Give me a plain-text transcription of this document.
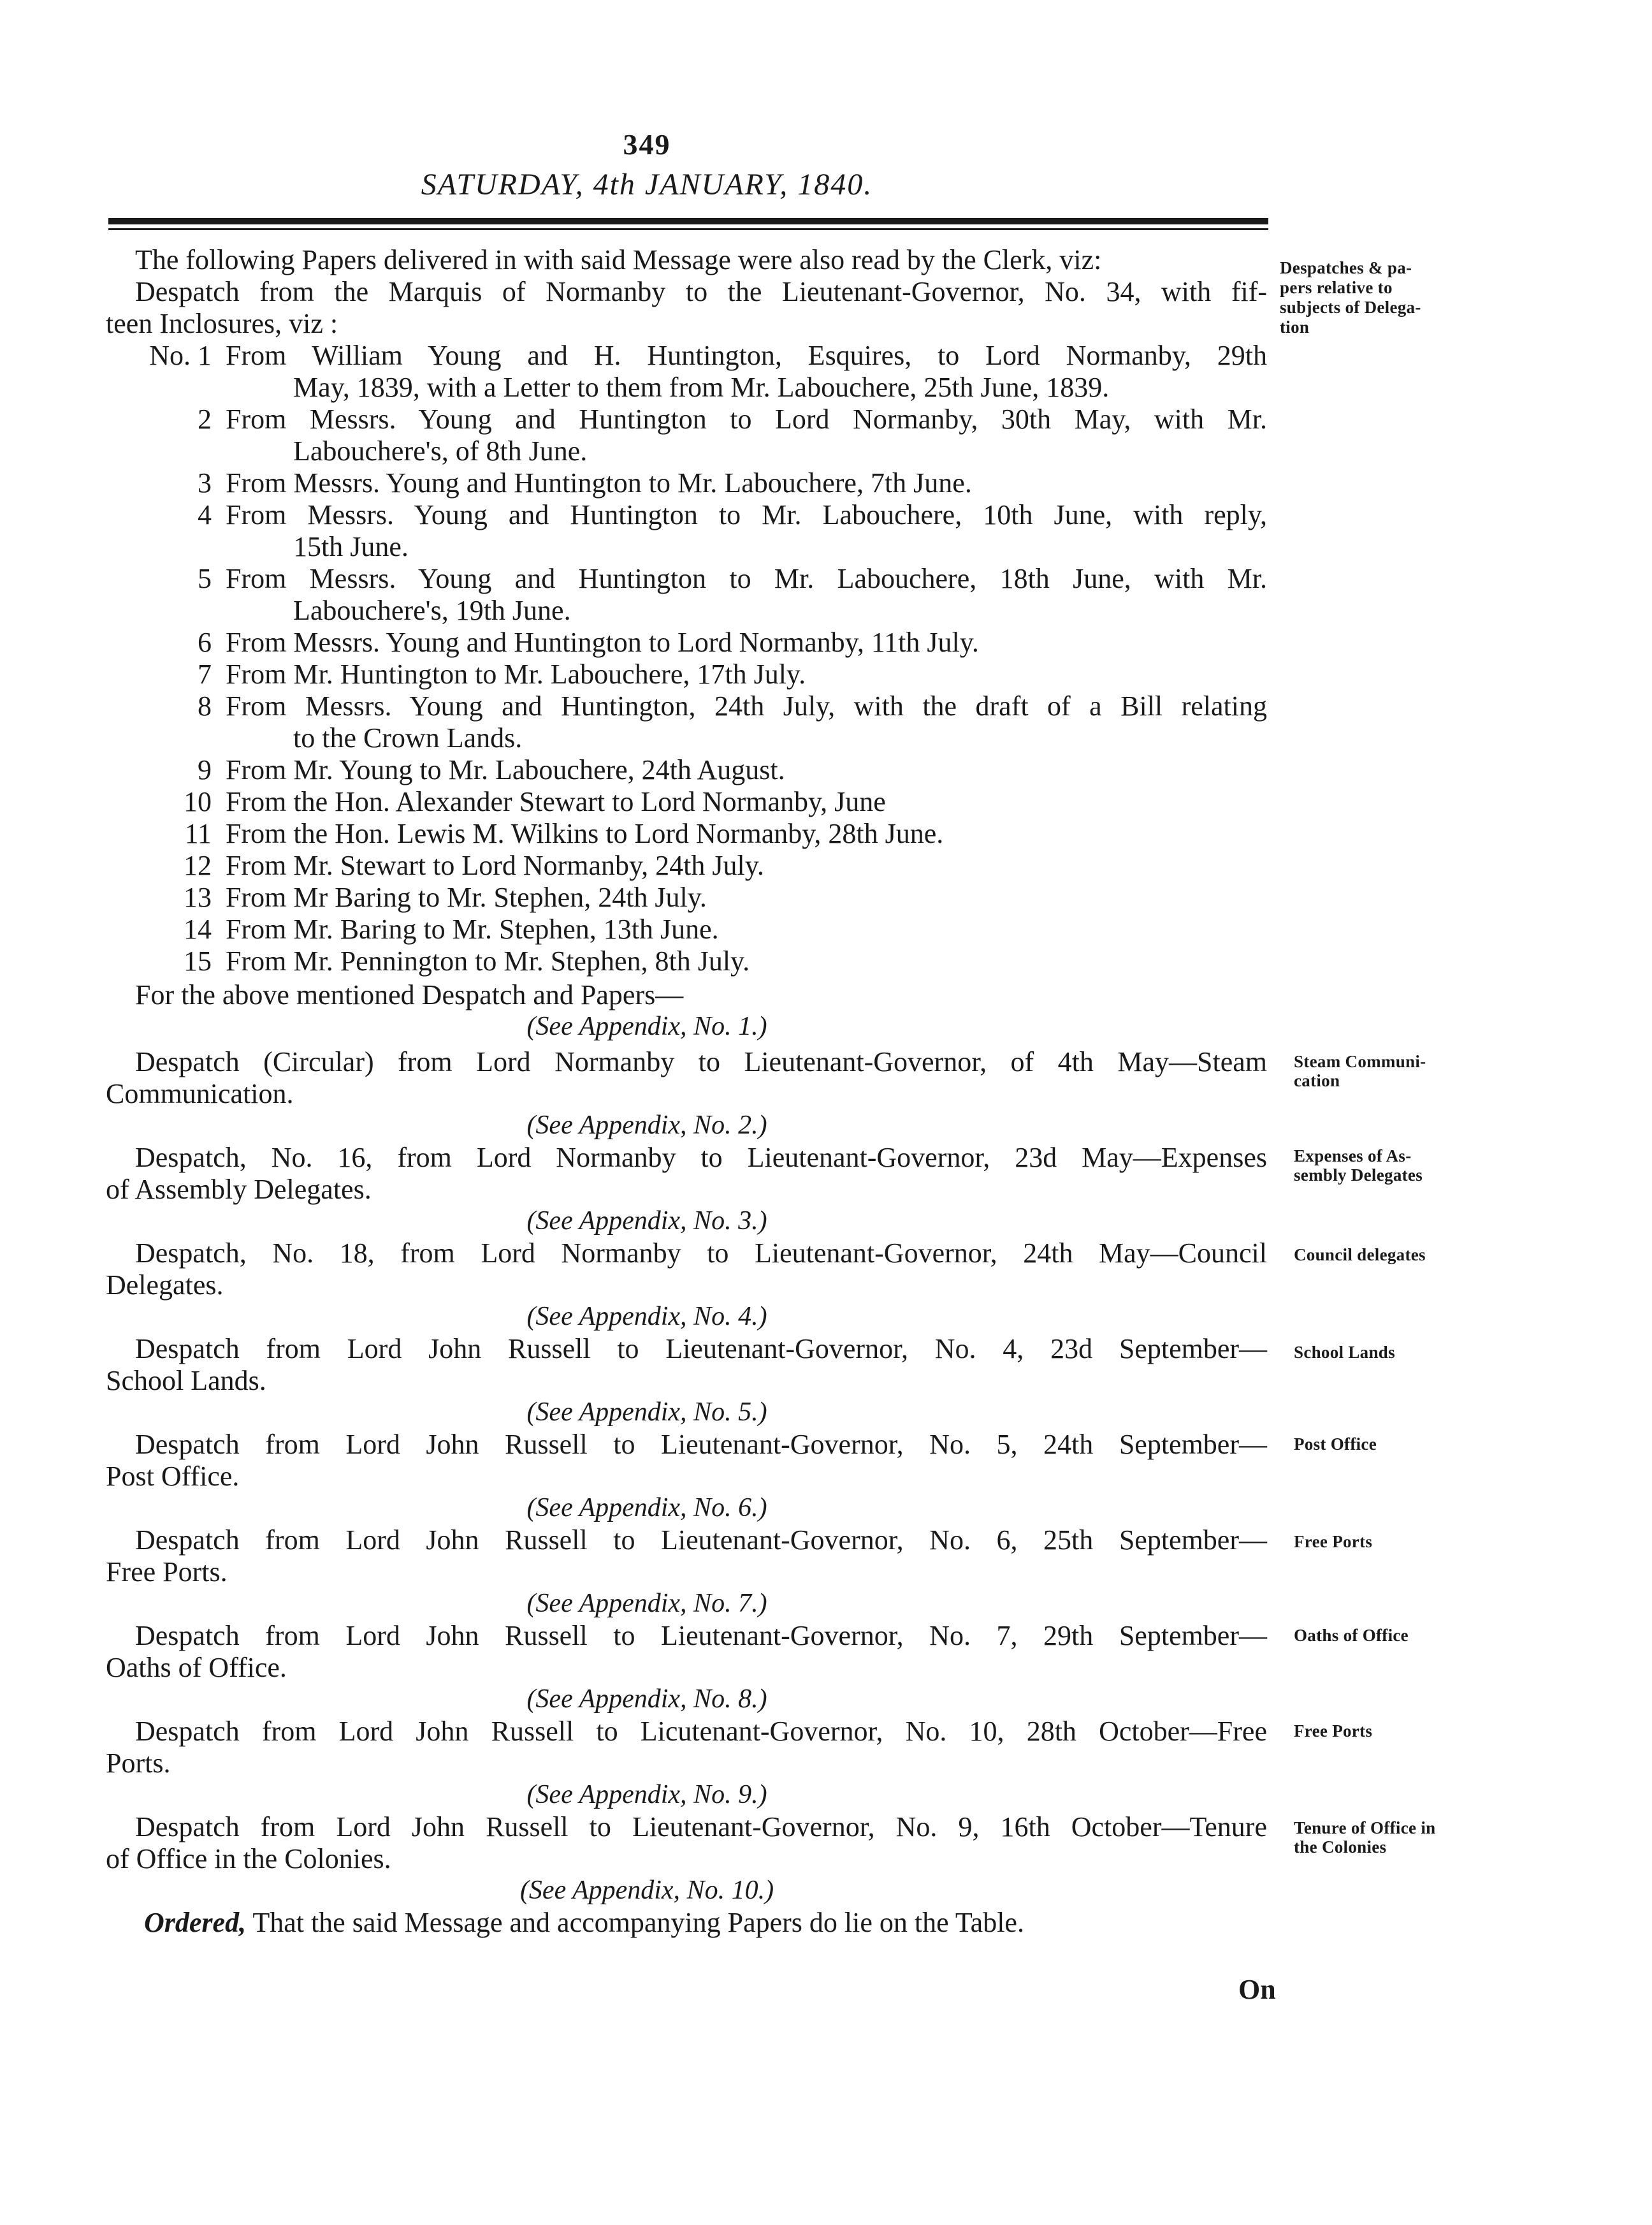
349
SATURDAY, 4th JANUARY, 1840.
The following Papers delivered in with said Message were also read by the Clerk, viz:
Despatch from the Marquis of Normanby to the Lieutenant-Governor, No. 34, with fif-
teen Inclosures, viz :
Despatches & pa-
pers relative to
subjects of Delega-
tion
No. 1 From William Young and H. Huntington, Esquires, to Lord Normanby, 29th
May, 1839, with a Letter to them from Mr. Labouchere, 25th June, 1839.
2 From Messrs. Young and Huntington to Lord Normanby, 30th May, with Mr.
Labouchere's, of 8th June.
3 From Messrs. Young and Huntington to Mr. Labouchere, 7th June.
4 From Messrs. Young and Huntington to Mr. Labouchere, 10th June, with reply,
15th June.
5 From Messrs. Young and Huntington to Mr. Labouchere, 18th June, with Mr.
Labouchere's, 19th June.
6 From Messrs. Young and Huntington to Lord Normanby, 11th July.
7 From Mr. Huntington to Mr. Labouchere, 17th July.
8 From Messrs. Young and Huntington, 24th July, with the draft of a Bill relating
to the Crown Lands.
9 From Mr. Young to Mr. Labouchere, 24th August.
10 From the Hon. Alexander Stewart to Lord Normanby, June
11 From the Hon. Lewis M. Wilkins to Lord Normanby, 28th June.
12 From Mr. Stewart to Lord Normanby, 24th July.
13 From Mr Baring to Mr. Stephen, 24th July.
14 From Mr. Baring to Mr. Stephen, 13th June.
15 From Mr. Pennington to Mr. Stephen, 8th July.
For the above mentioned Despatch and Papers—
(See Appendix, No. 1.)
(See Appendix, No. 2.)
(See Appendix, No. 3.)
(See Appendix, No. 4.)
(See Appendix, No. 5.)
(See Appendix, No. 6.)
(See Appendix, No. 7.)
(See Appendix, No. 8.)
(See Appendix, No. 9.)
(See Appendix, No. 10.)
Despatch (Circular) from Lord Normanby to Lieutenant-Governor, of 4th May—Steam
Communication.
Despatch, No. 16, from Lord Normanby to Lieutenant-Governor, 23d May—Expenses
of Assembly Delegates.
Despatch, No. 18, from Lord Normanby to Lieutenant-Governor, 24th May—Council
Delegates.
Despatch from Lord John Russell to Lieutenant-Governor, No. 4, 23d September—
School Lands.
Despatch from Lord John Russell to Lieutenant-Governor, No. 5, 24th September—
Post Office.
Despatch from Lord John Russell to Lieutenant-Governor, No. 6, 25th September—
Free Ports.
Despatch from Lord John Russell to Lieutenant-Governor, No. 7, 29th September—
Oaths of Office.
Despatch from Lord John Russell to Licutenant-Governor, No. 10, 28th October—Free
Ports.
Despatch from Lord John Russell to Lieutenant-Governor, No. 9, 16th October—Tenure
of Office in the Colonies.
Steam Communi-
cation
Expenses of As-
sembly Delegates
Council delegates
School Lands
Post Office
Free Ports
Oaths of Office
Free Ports
Tenure of Office in
the Colonies
Ordered, That the said Message and accompanying Papers do lie on the Table.
On
